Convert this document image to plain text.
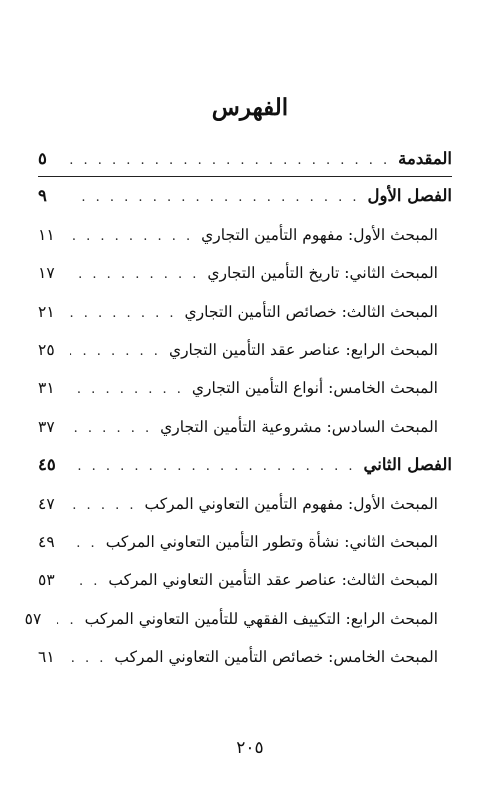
الفهرس
المقدمة
. . .
٥
الفصل الأول
. . .
٩
المبحث الأول: مفهوم التأمين التجاري
. . .
١١
المبحث الثاني: تاريخ التأمين التجاري
. . .
١٧
المبحث الثالث: خصائص التأمين التجاري
. . .
٢١
المبحث الرابع: عناصر عقد التأمين التجاري
. . .
٢٥
المبحث الخامس: أنواع التأمين التجاري
. . .
٣١
المبحث السادس: مشروعية التأمين التجاري
. . .
٣٧
الفصل الثاني
. . .
٤٥
المبحث الأول: مفهوم التأمين التعاوني المركب
. . .
٤٧
المبحث الثاني: نشأة وتطور التأمين التعاوني المركب
. . .
٤٩
المبحث الثالث: عناصر عقد التأمين التعاوني المركب
. . .
٥٣
المبحث الرابع: التكييف الفقهي للتأمين التعاوني المركب
. . .
٥٧
المبحث الخامس: خصائص التأمين التعاوني المركب
. . .
٦١
٢٠٥
